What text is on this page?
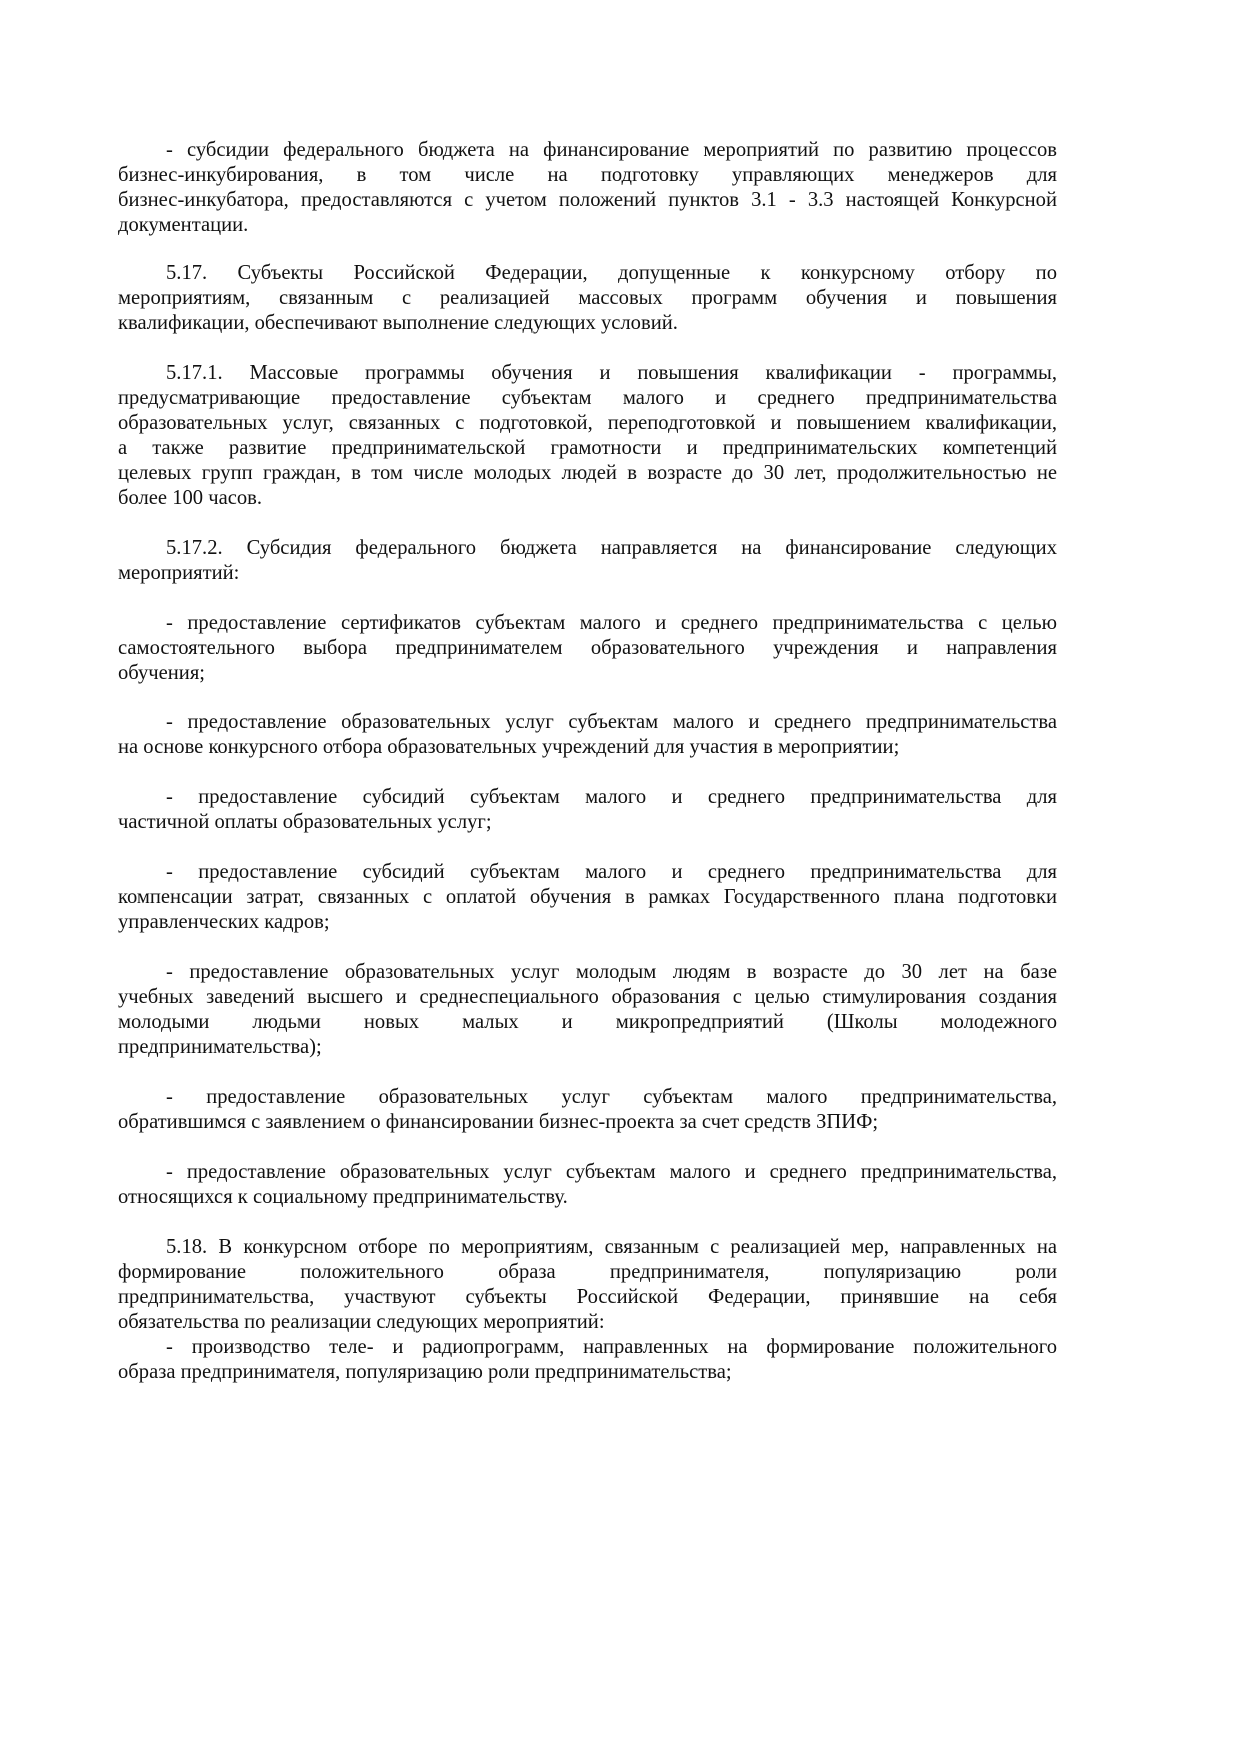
- субсидии федерального бюджета на финансирование мероприятий по развитию процессов
бизнес-инкубирования, в том числе на подготовку управляющих менеджеров для
бизнес-инкубатора, предоставляются с учетом положений пунктов 3.1 - 3.3 настоящей Конкурсной
документации.
5.17. Субъекты Российской Федерации, допущенные к конкурсному отбору по
мероприятиям, связанным с реализацией массовых программ обучения и повышения
квалификации, обеспечивают выполнение следующих условий.
5.17.1. Массовые программы обучения и повышения квалификации - программы,
предусматривающие предоставление субъектам малого и среднего предпринимательства
образовательных услуг, связанных с подготовкой, переподготовкой и повышением квалификации,
а также развитие предпринимательской грамотности и предпринимательских компетенций
целевых групп граждан, в том числе молодых людей в возрасте до 30 лет, продолжительностью не
более 100 часов.
5.17.2. Субсидия федерального бюджета направляется на финансирование следующих
мероприятий:
- предоставление сертификатов субъектам малого и среднего предпринимательства с целью
самостоятельного выбора предпринимателем образовательного учреждения и направления
обучения;
- предоставление образовательных услуг субъектам малого и среднего предпринимательства
на основе конкурсного отбора образовательных учреждений для участия в мероприятии;
- предоставление субсидий субъектам малого и среднего предпринимательства для
частичной оплаты образовательных услуг;
- предоставление субсидий субъектам малого и среднего предпринимательства для
компенсации затрат, связанных с оплатой обучения в рамках Государственного плана подготовки
управленческих кадров;
- предоставление образовательных услуг молодым людям в возрасте до 30 лет на базе
учебных заведений высшего и среднеспециального образования с целью стимулирования создания
молодыми людьми новых малых и микропредприятий (Школы молодежного
предпринимательства);
- предоставление образовательных услуг субъектам малого предпринимательства,
обратившимся с заявлением о финансировании бизнес-проекта за счет средств ЗПИФ;
- предоставление образовательных услуг субъектам малого и среднего предпринимательства,
относящихся к социальному предпринимательству.
5.18. В конкурсном отборе по мероприятиям, связанным с реализацией мер, направленных на
формирование положительного образа предпринимателя, популяризацию роли
предпринимательства, участвуют субъекты Российской Федерации, принявшие на себя
обязательства по реализации следующих мероприятий:
- производство теле- и радиопрограмм, направленных на формирование положительного
образа предпринимателя, популяризацию роли предпринимательства;
